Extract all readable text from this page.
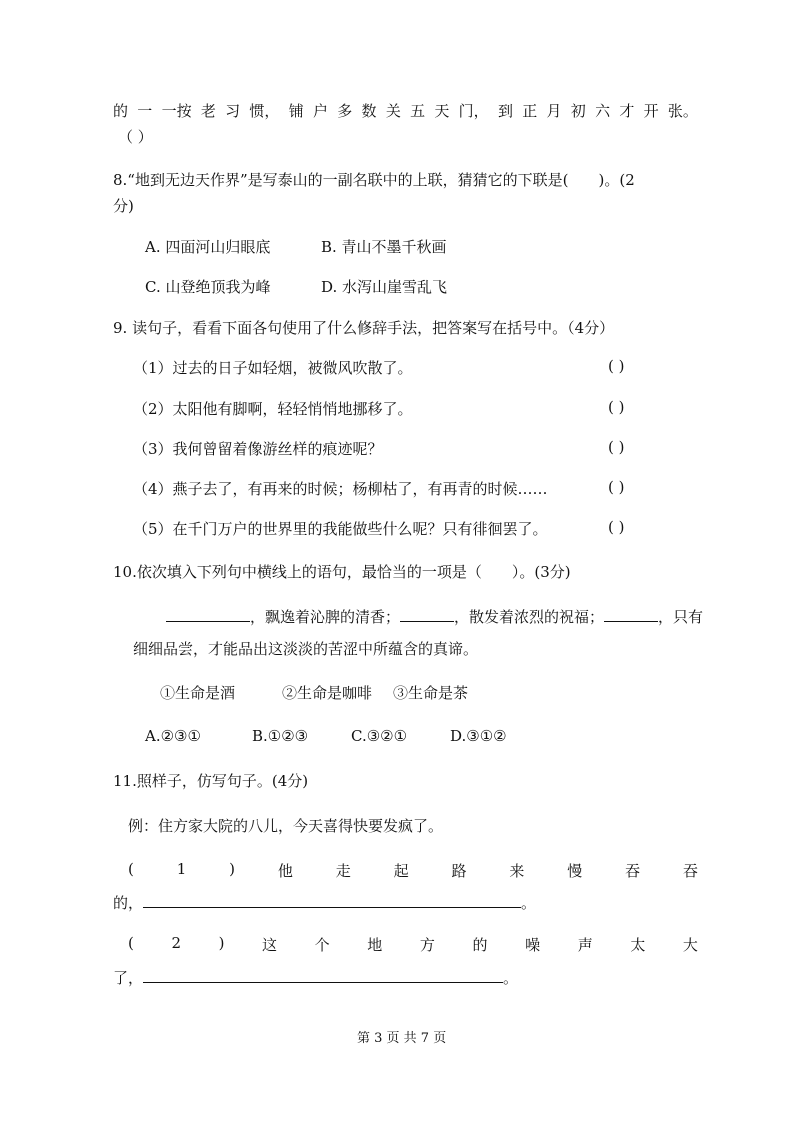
的 一 一按 老 习 惯， 铺 户 多 数 关 五 天 门， 到 正 月 初 六 才 开 张。
（ ）
8.“地到无边天作界”是写泰山的一副名联中的上联，猜猜它的下联是(　　)。(2
分)
A. 四面河山归眼底	B. 青山不墨千秋画
C. 山登绝顶我为峰	D. 水泻山崖雪乱飞
9. 读句子，看看下面各句使用了什么修辞手法，把答案写在括号中。（4分）
（1）过去的日子如轻烟，被微风吹散了。	( )
（2）太阳他有脚啊，轻轻悄悄地挪移了。	( )
（3）我何曾留着像游丝样的痕迹呢？	( )
（4）燕子去了，有再来的时候；杨柳枯了，有再青的时候……	( )
（5）在千门万户的世界里的我能做些什么呢？只有徘徊罢了。	( )
10.依次填入下列句中横线上的语句，最恰当的一项是（　　）。(3分)
，飘逸着沁脾的清香；	，散发着浓烈的祝福；	，只有
细细品尝，才能品出这淡淡的苦涩中所蕴含的真谛。
①生命是酒	②生命是咖啡 ③生命是茶
A.②③①	B.①②③	C.③②①	D.③①②
11.照样子，仿写句子。(4分)
例：住方家大院的八儿，今天喜得快要发疯了。
(	1	)	他	走	起	路	来	慢	吞	吞
的，	。
(	2	)	这	个	地	方	的	噪	声	太	大
了，	。
第 3 页 共 7 页
